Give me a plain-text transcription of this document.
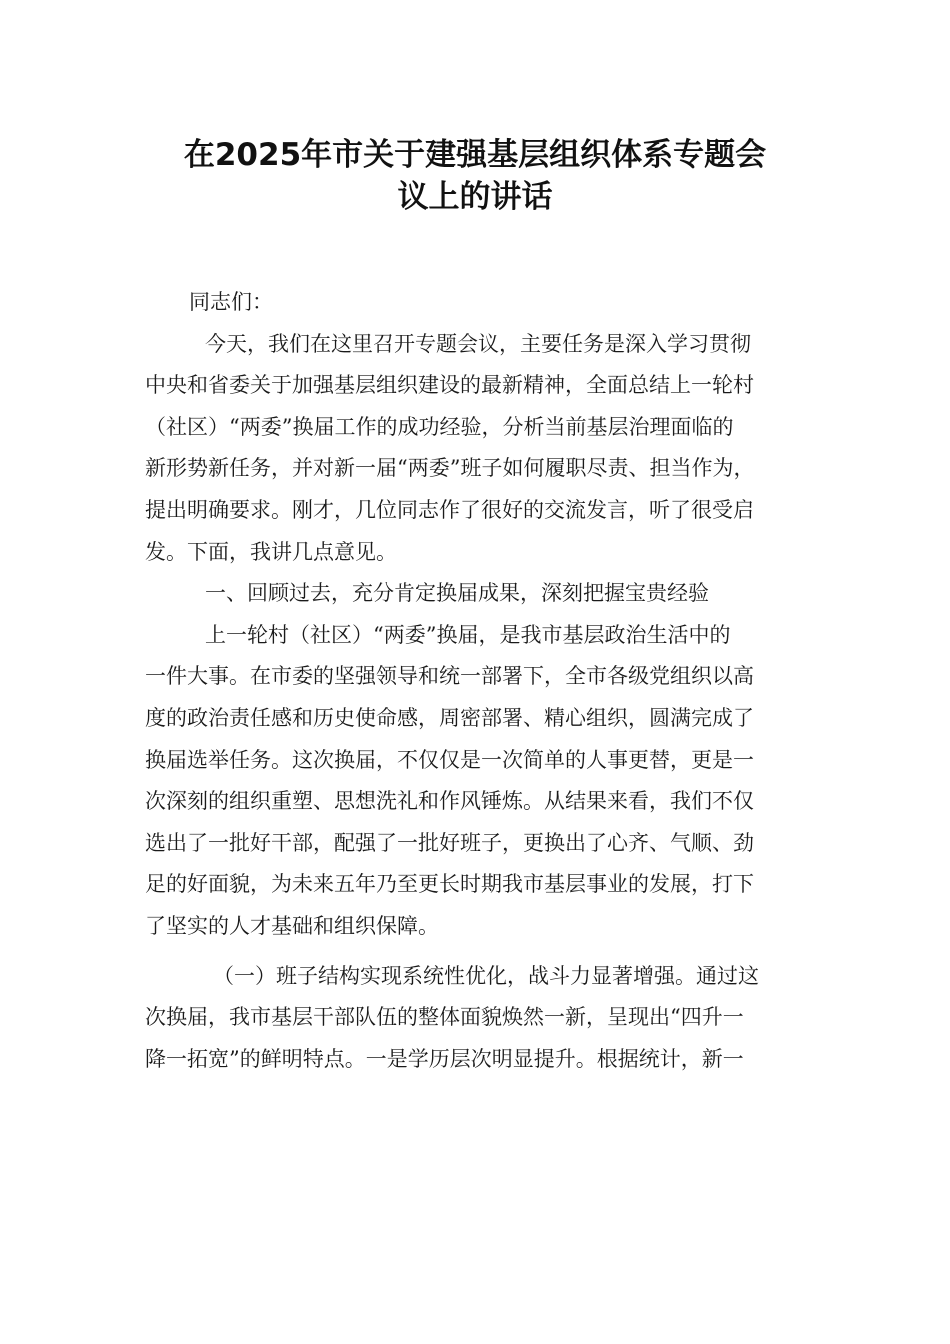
在2025年市关于建强基层组织体系专题会
议上的讲话
同志们：
今天，我们在这里召开专题会议，主要任务是深入学习贯彻
中央和省委关于加强基层组织建设的最新精神，全面总结上一轮村
（社区）“两委”换届工作的成功经验，分析当前基层治理面临的
新形势新任务，并对新一届“两委”班子如何履职尽责、担当作为，
提出明确要求。刚才，几位同志作了很好的交流发言，听了很受启
发。下面，我讲几点意见。
一、回顾过去，充分肯定换届成果，深刻把握宝贵经验
上一轮村（社区）“两委”换届，是我市基层政治生活中的
一件大事。在市委的坚强领导和统一部署下，全市各级党组织以高
度的政治责任感和历史使命感，周密部署、精心组织，圆满完成了
换届选举任务。这次换届，不仅仅是一次简单的人事更替，更是一
次深刻的组织重塑、思想洗礼和作风锤炼。从结果来看，我们不仅
选出了一批好干部，配强了一批好班子，更换出了心齐、气顺、劲
足的好面貌，为未来五年乃至更长时期我市基层事业的发展，打下
了坚实的人才基础和组织保障。
（一）班子结构实现系统性优化，战斗力显著增强。通过这
次换届，我市基层干部队伍的整体面貌焕然一新，呈现出“四升一
降一拓宽”的鲜明特点。一是学历层次明显提升。根据统计，新一
